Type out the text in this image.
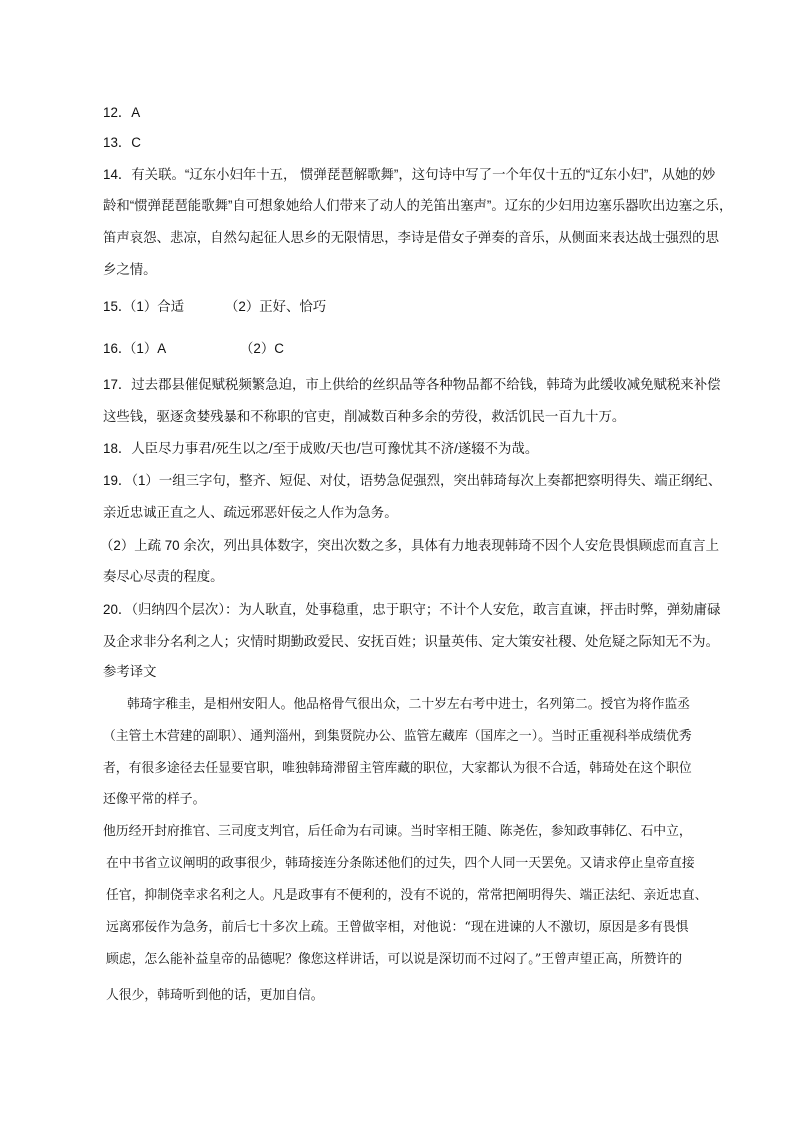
12．A
13．C
14．有关联。“辽东小妇年十五， 惯弹琵琶解歌舞”，这句诗中写了一个年仅十五的“辽东小妇”，从她的妙
龄和“惯弹琵琶能歌舞”自可想象她给人们带来了动人的羌笛出塞声”。辽东的少妇用边塞乐器吹出边塞之乐，
笛声哀怨、悲凉，自然勾起征人思乡的无限情思，李诗是借女子弹奏的音乐，从侧面来表达战士强烈的思
乡之情。
15．
（1）合适	（2）正好、恰巧
16．
（1）A	（2）C
17．过去郡县催促赋税频繁急迫，市上供给的丝织品等各种物品都不给钱，韩琦为此缓收减免赋税来补偿
这些钱，驱逐贪婪残暴和不称职的官吏，削减数百种多余的劳役，救活饥民一百九十万。
18．人臣尽力事君/死生以之/至于成败/天也/岂可豫忧其不济/遂辍不为哉。
19．（1）一组三字句，整齐、短促、对仗，语势急促强烈，突出韩琦每次上奏都把察明得失、端正纲纪、
亲近忠诚正直之人、疏远邪恶奸佞之人作为急务。
（2）上疏 70 余次，列出具体数字，突出次数之多，具体有力地表现韩琦不因个人安危畏惧顾虑而直言上
奏尽心尽责的程度。
20．（归纳四个层次）：为人耿直，处事稳重，忠于职守；不计个人安危，敢言直谏，抨击时弊，弹劾庸碌
及企求非分名利之人；灾情时期勤政爱民、安抚百姓；识量英伟、定大策安社稷、处危疑之际知无不为。
参考译文
韩琦字稚圭，是相州安阳人。他品格骨气很出众，二十岁左右考中进士，名列第二。授官为将作监丞
（主管土木营建的副职）、通判淄州，到集贤院办公、监管左藏库（国库之一）。当时正重视科举成绩优秀
者，有很多途径去任显要官职，唯独韩琦滞留主管库藏的职位，大家都认为很不合适，韩琦处在这个职位
还像平常的样子。
他历经开封府推官、三司度支判官，后任命为右司谏。当时宰相王随、陈尧佐，参知政事韩亿、石中立，
在中书省立议阐明的政事很少，韩琦接连分条陈述他们的过失，四个人同一天罢免。又请求停止皇帝直接
任官，抑制侥幸求名利之人。凡是政事有不便利的，没有不说的，常常把阐明得失、端正法纪、亲近忠直、
远离邪佞作为急务，前后七十多次上疏。王曾做宰相，对他说：“现在进谏的人不激切，原因是多有畏惧
顾虑，怎么能补益皇帝的品德呢？像您这样讲话，可以说是深切而不过闷了。”王曾声望正高，所赞许的
人很少，韩琦听到他的话，更加自信。
